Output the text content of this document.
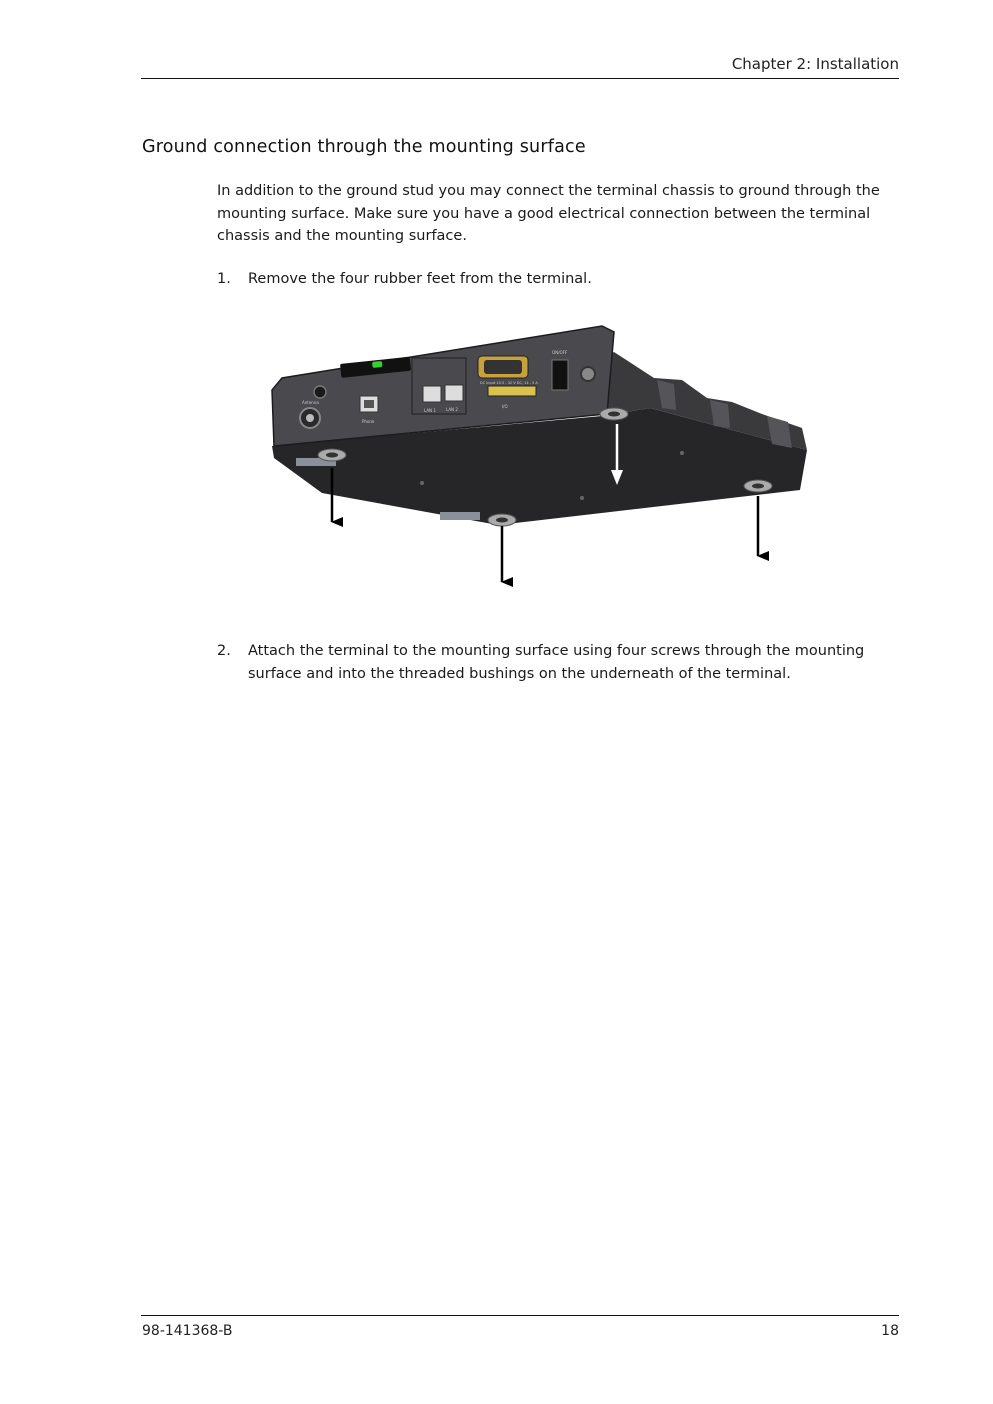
Chapter 2: Installation
Ground connection through the mounting surface

In addition to the ground stud you may connect the terminal chassis to ground through the mounting surface. Make sure you have a good electrical connection between the terminal chassis and the mounting surface.

1.	Remove the four rubber feet from the terminal.
Antenna
Phone
LAN 1	LAN 2
DC Input 10.5 - 32 V DC, 14 - 5 A
I/O
ON/OFF
2.	Attach the terminal to the mounting surface using four screws through the mounting surface and into the threaded bushings on the underneath of the terminal.
98-141368-B	18
